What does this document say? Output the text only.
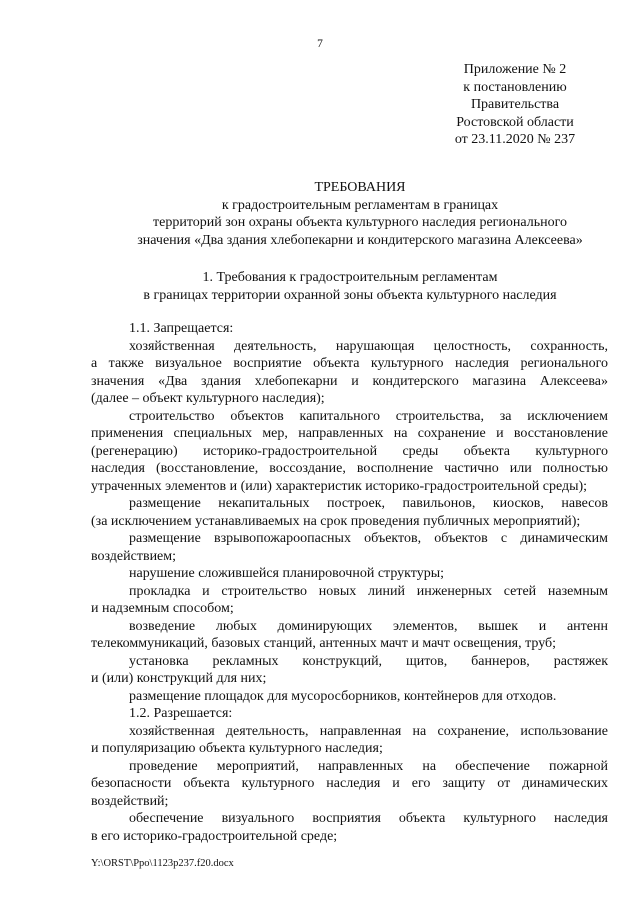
7
Приложение № 2
к постановлению
Правительства
Ростовской области
от 23.11.2020 № 237
ТРЕБОВАНИЯ
к градостроительным регламентам в границах
территорий зон охраны объекта культурного наследия регионального
значения «Два здания хлебопекарни и кондитерского магазина Алексеева»
1. Требования к градостроительным регламентам
в границах территории охранной зоны объекта культурного наследия

1.1. Запрещается:

хозяйственная деятельность, нарушающая целостность, сохранность,
а также визуальное восприятие объекта культурного наследия регионального
значения «Два здания хлебопекарни и кондитерского магазина Алексеева»
(далее – объект культурного наследия);

строительство объектов капитального строительства, за исключением
применения специальных мер, направленных на сохранение и восстановление
(регенерацию) историко-градостроительной среды объекта культурного
наследия (восстановление, воссоздание, восполнение частично или полностью
утраченных элементов и (или) характеристик историко-градостроительной среды);

размещение некапитальных построек, павильонов, киосков, навесов
(за исключением устанавливаемых на срок проведения публичных мероприятий);

размещение взрывопожароопасных объектов, объектов с динамическим
воздействием;

нарушение сложившейся планировочной структуры;

прокладка и строительство новых линий инженерных сетей наземным
и надземным способом;

возведение любых доминирующих элементов, вышек и антенн
телекоммуникаций, базовых станций, антенных мачт и мачт освещения, труб;

установка рекламных конструкций, щитов, баннеров, растяжек
и (или) конструкций для них;

размещение площадок для мусоросборников, контейнеров для отходов.

1.2. Разрешается:

хозяйственная деятельность, направленная на сохранение, использование
и популяризацию объекта культурного наследия;

проведение мероприятий, направленных на обеспечение пожарной
безопасности объекта культурного наследия и его защиту от динамических
воздействий;

обеспечение визуального восприятия объекта культурного наследия
в его историко-градостроительной среде;

Y:\ORST\Ppo\1123p237.f20.docx
